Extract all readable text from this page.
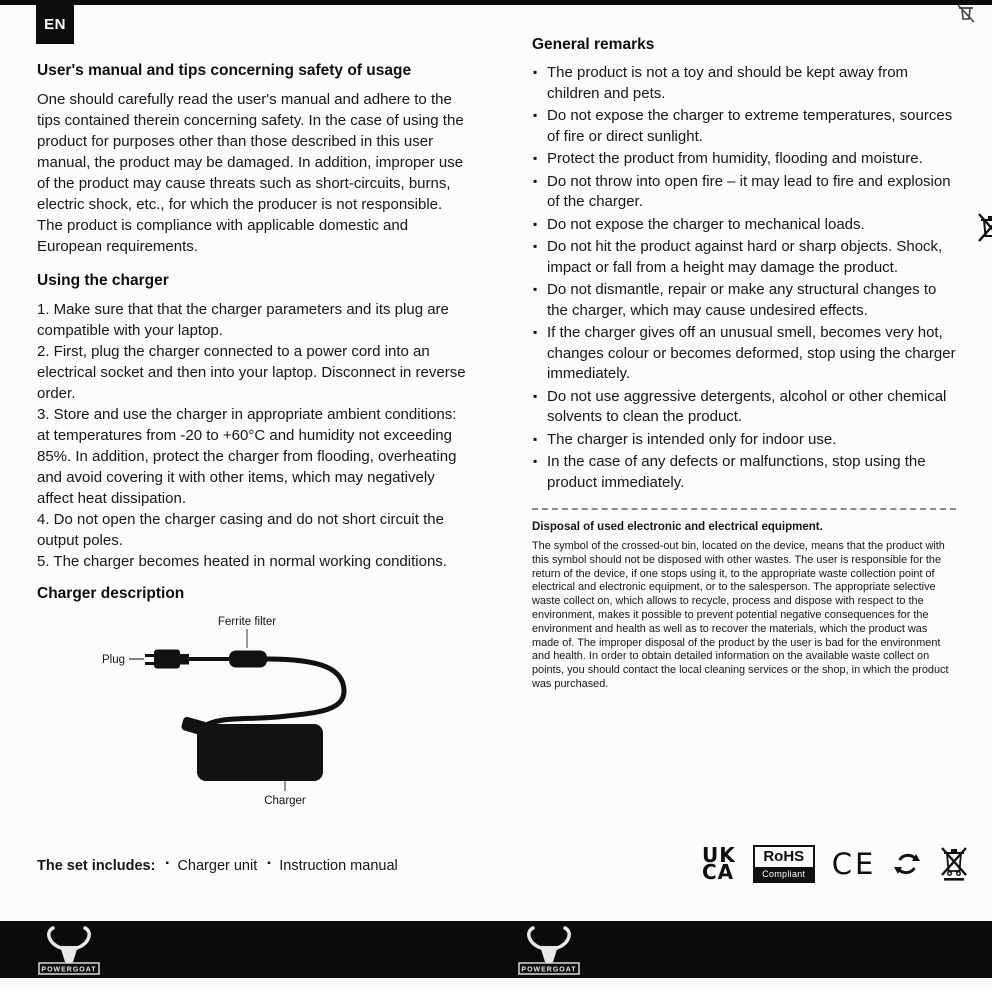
EN
User's manual and tips concerning safety of usage

One should carefully read the user's manual and adhere to the tips contained therein concerning safety. In the case of using the product for purposes other than those described in this user manual, the product may be damaged. In addition, improper use of the product may cause threats such as short-circuits, burns, electric shock, etc., for which the producer is not responsible. The product is compliance with applicable domestic and European requirements.

Using the charger

1. Make sure that that the charger parameters and its plug are compatible with your laptop.

2. First, plug the charger connected to a power cord into an electrical socket and then into your laptop. Disconnect in reverse order.

3. Store and use the charger in appropriate ambient conditions: at temperatures from -20 to +60°C and humidity not exceeding 85%. In addition, protect the charger from flooding, overheating and avoid covering it with other items, which may negatively affect heat dissipation.

4. Do not open the charger casing and do not short circuit the output poles.

5. The charger becomes heated in normal working conditions.

Charger description
Ferrite filter
Plug
Charger
The set includes:	▪ Charger unit	▪ Instruction manual
General remarks
▪ The product is not a toy and should be kept away from children and pets.
▪ Do not expose the charger to extreme temperatures, sources of fire or direct sunlight.
▪ Protect the product from humidity, flooding and moisture.
▪ Do not throw into open fire – it may lead to fire and explosion of the charger.
▪ Do not expose the charger to mechanical loads.
▪ Do not hit the product against hard or sharp objects. Shock, impact or fall from a height may damage the product.
▪ Do not dismantle, repair or make any structural changes to the charger, which may cause undesired effects.
▪ If the charger gives off an unusual smell, becomes very hot, changes colour or becomes deformed, stop using the charger immediately.
▪ Do not use aggressive detergents, alcohol or other chemical solvents to clean the product.
▪ The charger is intended only for indoor use.
▪ In the case of any defects or malfunctions, stop using the product immediately.
Disposal of used electronic and electrical equipment.

The symbol of the crossed-out bin, located on the device, means that the product with this symbol should not be disposed with other wastes. The user is responsible for the return of the device, if one stops using it, to the appropriate waste collection point of electrical and electronic equipment, or to the salesperson. The appropriate selective waste collect on, which allows to recycle, process and dispose with respect to the environment, makes it possible to prevent potential negative consequences for the environment and health as well as to recover the materials, which the product was made of. The improper disposal of the product by the user is bad for the environment and health. In order to obtain detailed information on the available waste collect on points, you should contact the local cleaning services or the shop, in which the product was purchased.

UK
CA
RoHS
Compliant CE
POWERGOAT	POWERGOAT
